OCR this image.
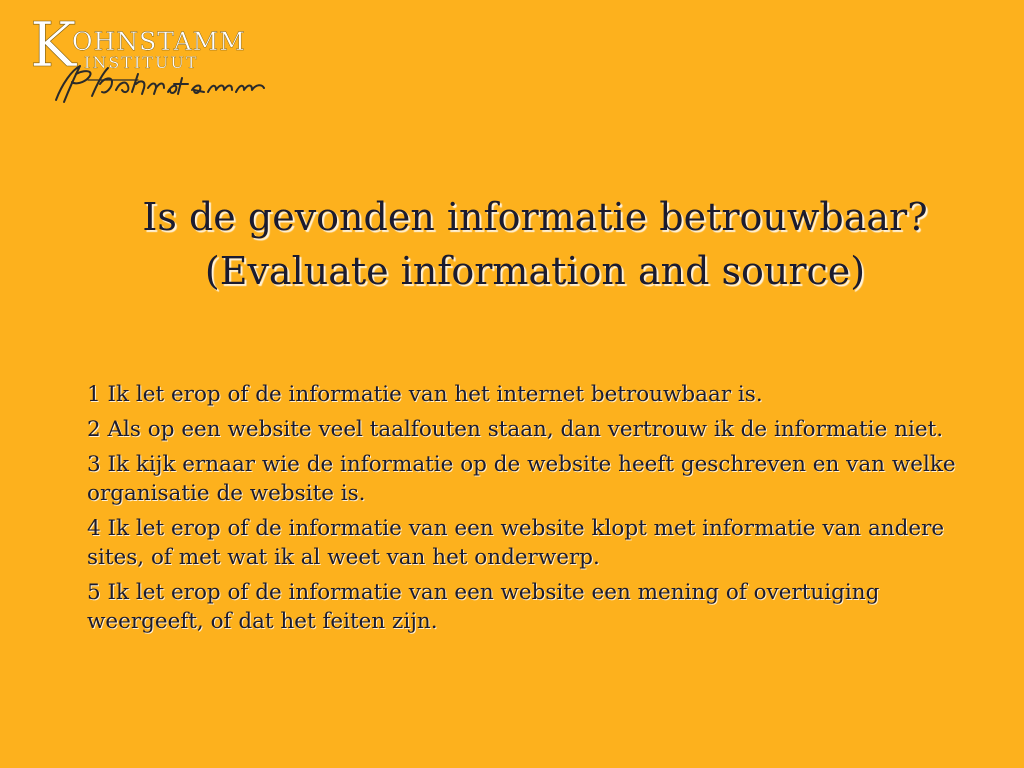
K
OHNSTAMM
INSTITUUT
Is de gevonden informatie betrouwbaar?
(Evaluate information and source)
1 Ik let erop of de informatie van het internet betrouwbaar is.
2 Als op een website veel taalfouten staan, dan vertrouw ik de informatie niet.
3 Ik kijk ernaar wie de informatie op de website heeft geschreven en van welke organisatie de website is.
4 Ik let erop of de informatie van een website klopt met informatie van andere sites, of met wat ik al weet van het onderwerp.
5 Ik let erop of de informatie van een website een mening of overtuiging weergeeft, of dat het feiten zijn.
